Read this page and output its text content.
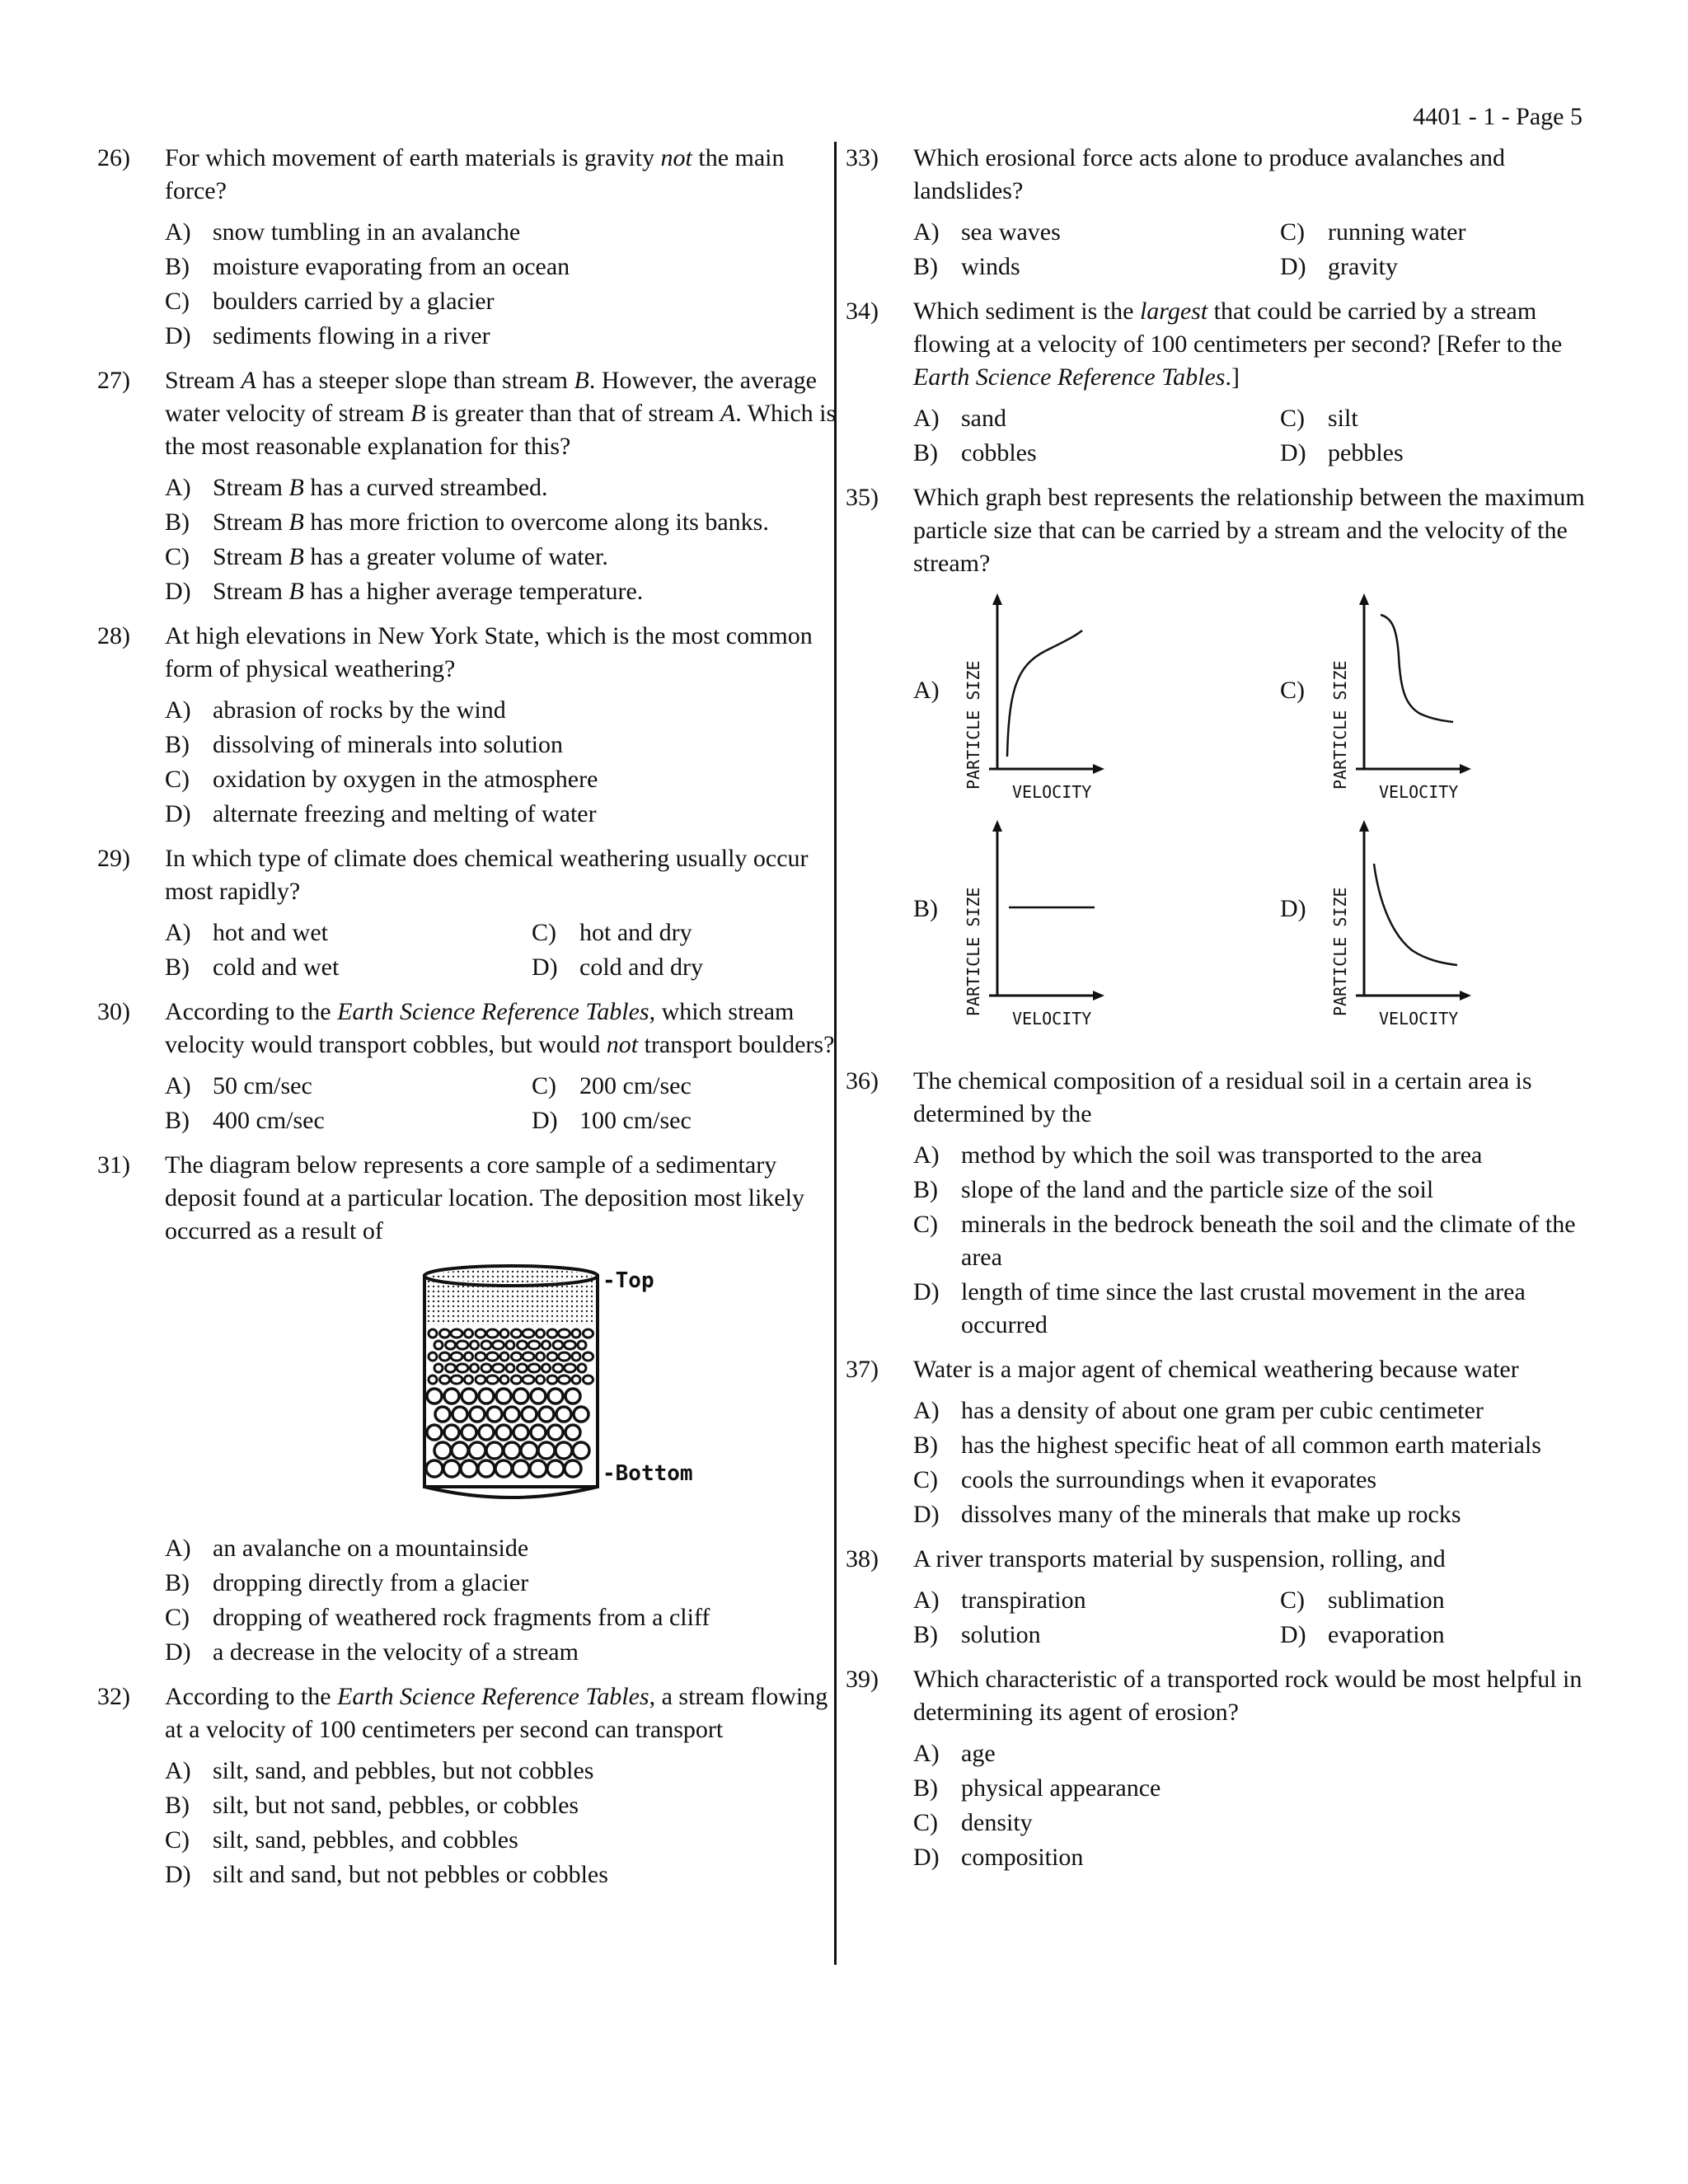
4401 - 1 - Page 5
26) For which movement of earth materials is gravity not the main force?
A) snow tumbling in an avalanche
B) moisture evaporating from an ocean
C) boulders carried by a glacier
D) sediments flowing in a river
27) Stream A has a steeper slope than stream B. However, the average water velocity of stream B is greater than that of stream A. Which is the most reasonable explanation for this?
A) Stream B has a curved streambed.
B) Stream B has more friction to overcome along its banks.
C) Stream B has a greater volume of water.
D) Stream B has a higher average temperature.
28) At high elevations in New York State, which is the most common form of physical weathering?
A) abrasion of rocks by the wind
B) dissolving of minerals into solution
C) oxidation by oxygen in the atmosphere
D) alternate freezing and melting of water
29) In which type of climate does chemical weathering usually occur most rapidly?
A) hot and wet	C) hot and dry
B) cold and wet	D) cold and dry
30) According to the Earth Science Reference Tables, which stream velocity would transport cobbles, but would not transport boulders?
A) 50 cm/sec	C) 200 cm/sec
B) 400 cm/sec	D) 100 cm/sec
31) The diagram below represents a core sample of a sedimentary deposit found at a particular location. The deposition most likely occurred as a result of
-Top
-Bottom
A) an avalanche on a mountainside
B) dropping directly from a glacier
C) dropping of weathered rock fragments from a cliff
D) a decrease in the velocity of a stream
32) According to the Earth Science Reference Tables, a stream flowing at a velocity of 100 centimeters per second can transport
A) silt, sand, and pebbles, but not cobbles
B) silt, but not sand, pebbles, or cobbles
C) silt, sand, pebbles, and cobbles
D) silt and sand, but not pebbles or cobbles
33) Which erosional force acts alone to produce avalanches and landslides?
A) sea waves	C) running water
B) winds	D) gravity
34) Which sediment is the largest that could be carried by a stream flowing at a velocity of 100 centimeters per second? [Refer to the Earth Science Reference Tables.]
A) sand	C) silt
B) cobbles	D) pebbles
35) Which graph best represents the relationship between the maximum particle size that can be carried by a stream and the velocity of the stream?
A) PARTICLE SIZE
VELOCITY
C) PARTICLE SIZE
VELOCITY
B) PARTICLE SIZE
VELOCITY
D) PARTICLE SIZE
VELOCITY
36) The chemical composition of a residual soil in a certain area is determined by the
A) method by which the soil was transported to the area
B) slope of the land and the particle size of the soil
C) minerals in the bedrock beneath the soil and the climate of the area
D) length of time since the last crustal movement in the area occurred
37) Water is a major agent of chemical weathering because water
A) has a density of about one gram per cubic centimeter
B) has the highest specific heat of all common earth materials
C) cools the surroundings when it evaporates
D) dissolves many of the minerals that make up rocks
38) A river transports material by suspension, rolling, and
A) transpiration	C) sublimation
B) solution	D) evaporation
39) Which characteristic of a transported rock would be most helpful in determining its agent of erosion?
A) age
B) physical appearance
C) density
D) composition
